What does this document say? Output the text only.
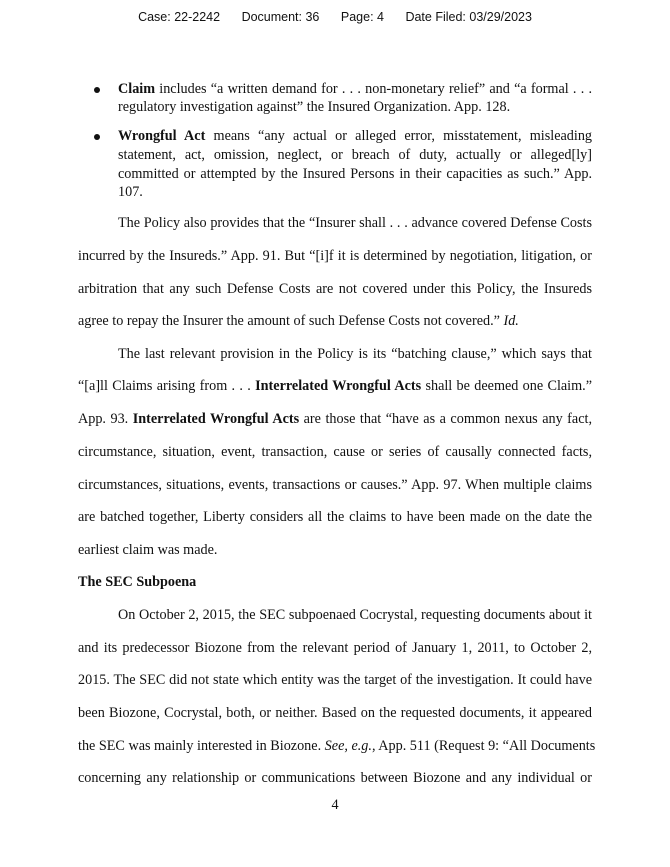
Case: 22-2242 Document: 36 Page: 4 Date Filed: 03/29/2023
Claim includes “a written demand for . . . non-monetary relief” and “a formal . . .
regulatory investigation against” the Insured Organization. App. 128.
Wrongful Act means “any actual or alleged error, misstatement, misleading
statement, act, omission, neglect, or breach of duty, actually or alleged[ly]
committed or attempted by the Insured Persons in their capacities as such.” App.
107.
The Policy also provides that the “Insurer shall . . . advance covered Defense Costs
incurred by the Insureds.” App. 91. But “[i]f it is determined by negotiation, litigation, or
arbitration that any such Defense Costs are not covered under this Policy, the Insureds
agree to repay the Insurer the amount of such Defense Costs not covered.” Id.
The last relevant provision in the Policy is its “batching clause,” which says that
“[a]ll Claims arising from . . . Interrelated Wrongful Acts shall be deemed one Claim.”
App. 93. Interrelated Wrongful Acts are those that “have as a common nexus any fact,
circumstance, situation, event, transaction, cause or series of causally connected facts,
circumstances, situations, events, transactions or causes.” App. 97. When multiple claims
are batched together, Liberty considers all the claims to have been made on the date the
earliest claim was made.
The SEC Subpoena
On October 2, 2015, the SEC subpoenaed Cocrystal, requesting documents about it
and its predecessor Biozone from the relevant period of January 1, 2011, to October 2,
2015. The SEC did not state which entity was the target of the investigation. It could have
been Biozone, Cocrystal, both, or neither. Based on the requested documents, it appeared
the SEC was mainly interested in Biozone. See, e.g., App. 511 (Request 9: “All Documents
concerning any relationship or communications between Biozone and any individual or
4
